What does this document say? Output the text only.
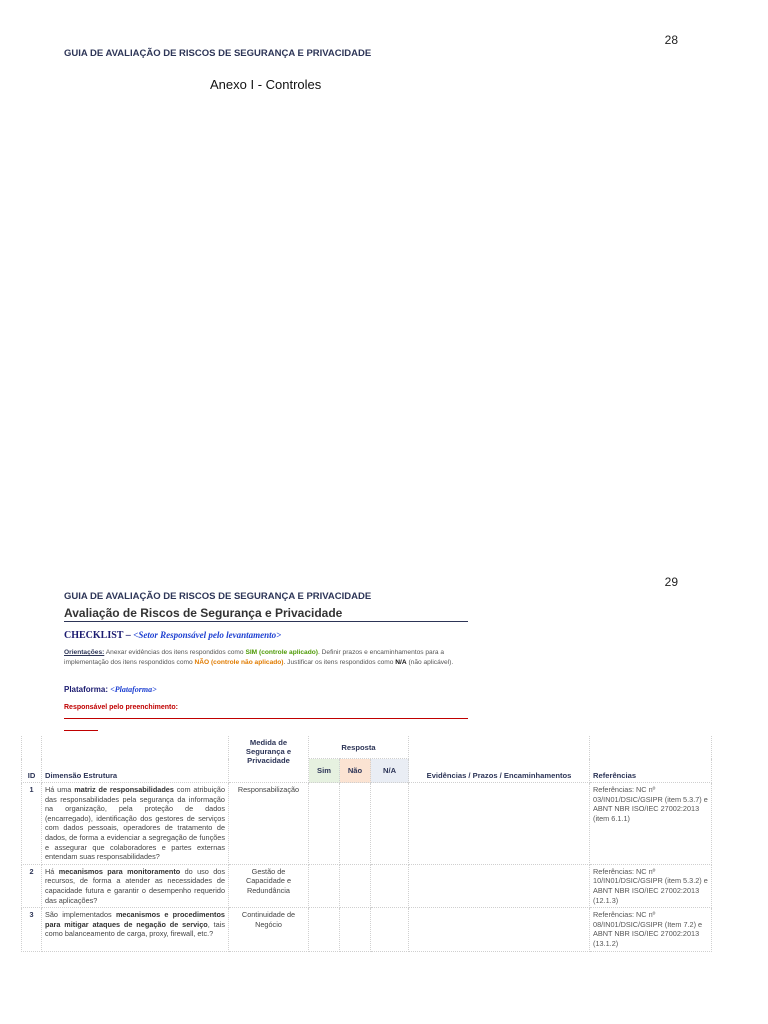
28
GUIA DE AVALIAÇÃO DE RISCOS DE SEGURANÇA E PRIVACIDADE
Anexo I - Controles
29
GUIA DE AVALIAÇÃO DE RISCOS DE SEGURANÇA E PRIVACIDADE
Avaliação de Riscos de Segurança e Privacidade
CHECKLIST – <Setor Responsável pelo levantamento>
Orientações: Anexar evidências dos itens respondidos como SIM (controle aplicado). Definir prazos e encaminhamentos para a implementação dos itens respondidos como NÃO (controle não aplicado). Justificar os itens respondidos como N/A (não aplicável).
Plataforma: <Plataforma>
Responsável pelo preenchimento:
ID	Dimensão Estrutura	Medida de Segurança e Privacidade	Resposta			Evidências / Prazos / Encaminhamentos	Referências
			Sim	Não	N/A		
1	Há uma matriz de responsabilidades com atribuição das responsabilidades pela segurança da informação na organização, pela proteção de dados (encarregado), identificação dos gestores de serviços com dados pessoais, operadores de tratamento de dados, de forma a evidenciar a segregação de funções e assegurar que colaboradores e partes externas entendam suas responsabilidades?	Responsabilização					Referências: NC nº 03/IN01/DSIC/GSIPR (item 5.3.7) e ABNT NBR ISO/IEC 27002:2013 (item 6.1.1)
2	Há mecanismos para monitoramento do uso dos recursos, de forma a atender as necessidades de capacidade futura e garantir o desempenho requerido das aplicações?	Gestão de Capacidade e Redundância					Referências: NC nº 10/IN01/DSIC/GSIPR (item 5.3.2) e ABNT NBR ISO/IEC 27002:2013 (12.1.3)
3	São implementados mecanismos e procedimentos para mitigar ataques de negação de serviço, tais como balanceamento de carga, proxy, firewall, etc.?	Continuidade de Negócio					Referências: NC nº 08/IN01/DSIC/GSIPR (Item 7.2) e ABNT NBR ISO/IEC 27002:2013 (13.1.2)
